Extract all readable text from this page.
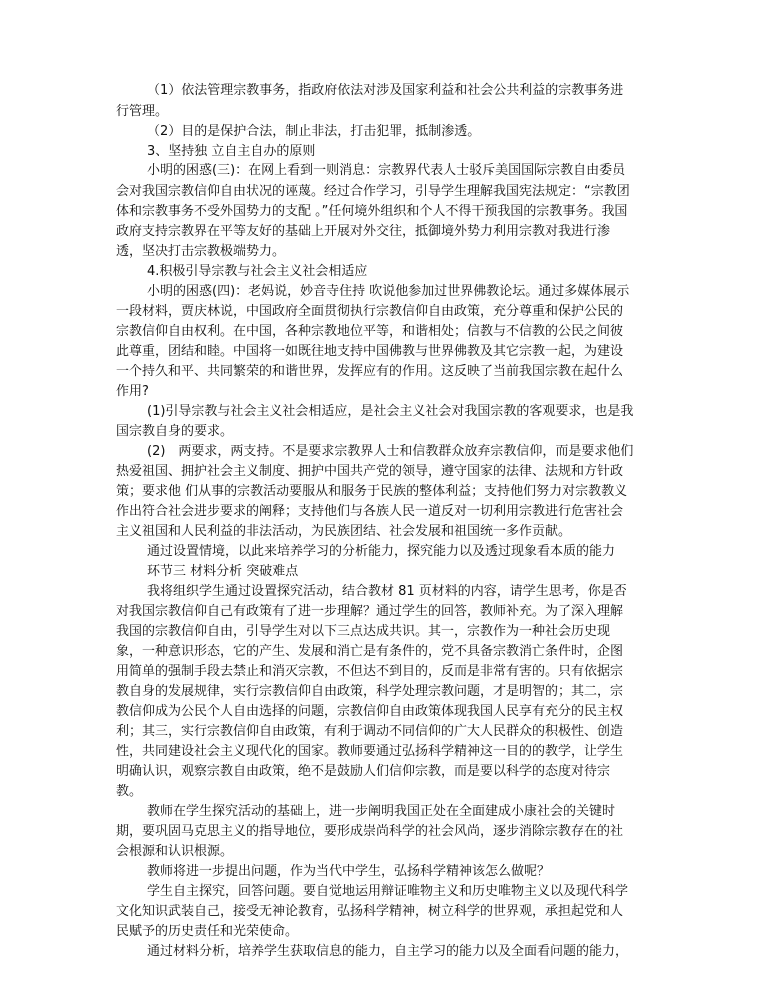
（1）依法管理宗教事务，指政府依法对涉及国家利益和社会公共利益的宗教事务进
行管理。
（2）目的是保护合法，制止非法，打击犯罪，抵制渗透。
3、坚持独 立自主自办的原则
小明的困惑(三)：在网上看到一则消息：宗教界代表人士驳斥美国国际宗教自由委员
会对我国宗教信仰自由状况的诬蔑。经过合作学习，引导学生理解我国宪法规定：“宗教团
体和宗教事务不受外国势力的支配 。”任何境外组织和个人不得干预我国的宗教事务。我国
政府支持宗教界在平等友好的基础上开展对外交往，抵御境外势力利用宗教对我进行渗
透，坚决打击宗教极端势力。
4.积极引导宗教与社会主义社会相适应
小明的困惑(四)：老妈说，妙音寺住持 吹说他参加过世界佛教论坛。通过多媒体展示
一段材料，贾庆林说，中国政府全面贯彻执行宗教信仰自由政策，充分尊重和保护公民的
宗教信仰自由权利。在中国，各种宗教地位平等，和谐相处；信教与不信教的公民之间彼
此尊重，团结和睦。中国将一如既往地支持中国佛教与世界佛教及其它宗教一起，为建设
一个持久和平、共同繁荣的和谐世界，发挥应有的作用。这反映了当前我国宗教在起什么
作用?
(1)引导宗教与社会主义社会相适应，是社会主义社会对我国宗教的客观要求，也是我
国宗教自身的要求。
(2)　两要求，两支持。不是要求宗教界人士和信教群众放弃宗教信仰，而是要求他们
热爱祖国、拥护社会主义制度、拥护中国共产党的领导，遵守国家的法律、法规和方针政
策；要求他 们从事的宗教活动要服从和服务于民族的整体利益；支持他们努力对宗教教义
作出符合社会进步要求的阐释；支持他们与各族人民一道反对一切利用宗教进行危害社会
主义祖国和人民利益的非法活动，为民族团结、社会发展和祖国统一多作贡献。
通过设置情境，以此来培养学习的分析能力，探究能力以及透过现象看本质的能力
环节三 材料分析 突破难点
我将组织学生通过设置探究活动，结合教材 81 页材料的内容，请学生思考，你是否
对我国宗教信仰自己有政策有了进一步理解？通过学生的回答，教师补充。为了深入理解
我国的宗教信仰自由，引导学生对以下三点达成共识。其一，宗教作为一种社会历史现
象，一种意识形态，它的产生、发展和消亡是有条件的，党不具备宗教消亡条件时，企图
用简单的强制手段去禁止和消灭宗教，不但达不到目的，反而是非常有害的。只有依据宗
教自身的发展规律，实行宗教信仰自由政策，科学处理宗教问题，才是明智的；其二，宗
教信仰成为公民个人自由选择的问题，宗教信仰自由政策体现我国人民享有充分的民主权
利；其三，实行宗教信仰自由政策，有利于调动不同信仰的广大人民群众的积极性、创造
性，共同建设社会主义现代化的国家。教师要通过弘扬科学精神这一目的的教学，让学生
明确认识，观察宗教自由政策，绝不是鼓励人们信仰宗教，而是要以科学的态度对待宗
教。
教师在学生探究活动的基础上，进一步阐明我国正处在全面建成小康社会的关键时
期，要巩固马克思主义的指导地位，要形成崇尚科学的社会风尚，逐步消除宗教存在的社
会根源和认识根源。
教师将进一步提出问题，作为当代中学生，弘扬科学精神该怎么做呢？
学生自主探究，回答问题。要自觉地运用辩证唯物主义和历史唯物主义以及现代科学
文化知识武装自己，接受无神论教育，弘扬科学精神，树立科学的世界观，承担起党和人
民赋予的历史责任和光荣使命。
通过材料分析，培养学生获取信息的能力，自主学习的能力以及全面看问题的能力，
